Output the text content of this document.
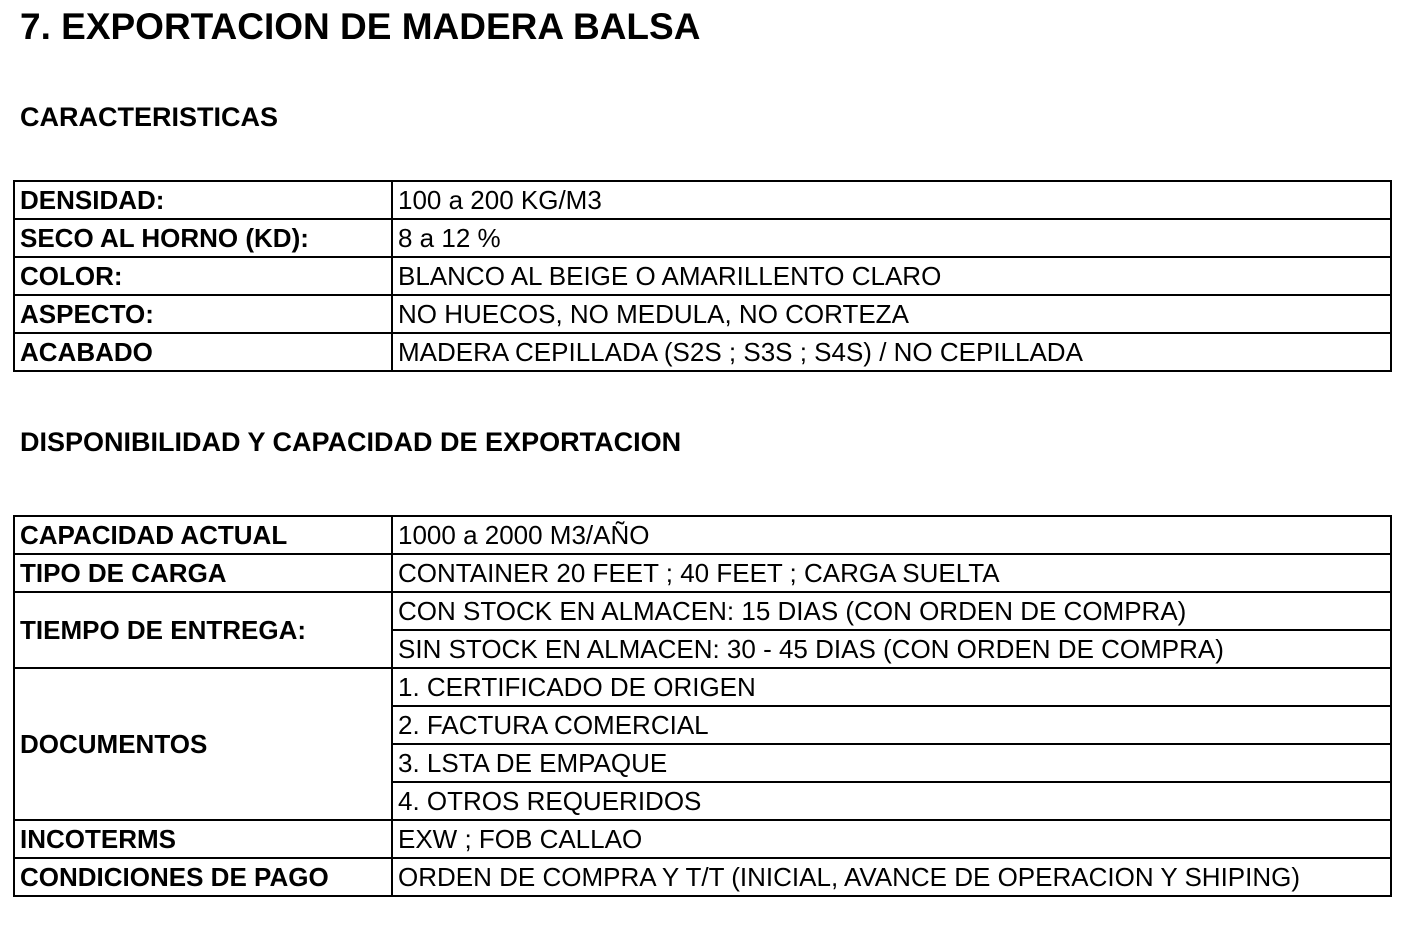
7. EXPORTACION DE MADERA BALSA
CARACTERISTICAS
DENSIDAD:	100 a 200 KG/M3
SECO AL HORNO (KD):	8 a 12 %
COLOR:	BLANCO AL BEIGE O AMARILLENTO CLARO
ASPECTO:	NO HUECOS, NO MEDULA, NO CORTEZA
ACABADO	MADERA CEPILLADA (S2S ; S3S ; S4S) / NO CEPILLADA
DISPONIBILIDAD Y CAPACIDAD DE EXPORTACION
CAPACIDAD ACTUAL	1000 a 2000 M3/AÑO
TIPO DE CARGA	CONTAINER 20 FEET ; 40 FEET ; CARGA SUELTA
TIEMPO DE ENTREGA:	CON STOCK EN ALMACEN: 15 DIAS (CON ORDEN DE COMPRA)
	SIN STOCK EN ALMACEN: 30 - 45 DIAS (CON ORDEN DE COMPRA)
DOCUMENTOS	1. CERTIFICADO DE ORIGEN
	2. FACTURA COMERCIAL
	3. LSTA DE EMPAQUE
	4. OTROS REQUERIDOS
INCOTERMS	EXW ; FOB CALLAO
CONDICIONES DE PAGO	ORDEN DE COMPRA Y T/T (INICIAL, AVANCE DE OPERACION Y SHIPING)
